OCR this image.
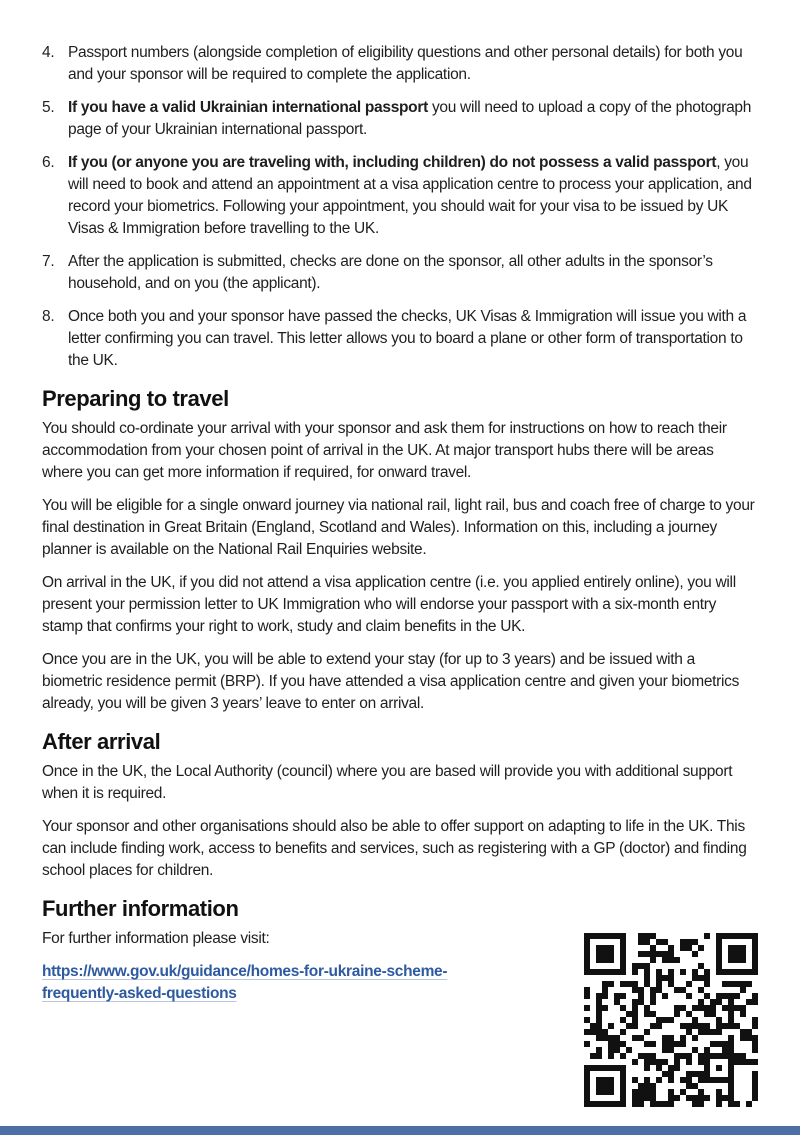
4. Passport numbers (alongside completion of eligibility questions and other personal details) for both you and your sponsor will be required to complete the application.
5. If you have a valid Ukrainian international passport you will need to upload a copy of the photograph page of your Ukrainian international passport.
6. If you (or anyone you are traveling with, including children) do not possess a valid passport, you will need to book and attend an appointment at a visa application centre to process your application, and record your biometrics. Following your appointment, you should wait for your visa to be issued by UK Visas & Immigration before travelling to the UK.
7. After the application is submitted, checks are done on the sponsor, all other adults in the sponsor’s household, and on you (the applicant).
8. Once both you and your sponsor have passed the checks, UK Visas & Immigration will issue you with a letter confirming you can travel. This letter allows you to board a plane or other form of transportation to the UK.
Preparing to travel

You should co-ordinate your arrival with your sponsor and ask them for instructions on how to reach their accommodation from your chosen point of arrival in the UK. At major transport hubs there will be areas where you can get more information if required, for onward travel.

You will be eligible for a single onward journey via national rail, light rail, bus and coach free of charge to your final destination in Great Britain (England, Scotland and Wales). Information on this, including a journey planner is available on the National Rail Enquiries website.

On arrival in the UK, if you did not attend a visa application centre (i.e. you applied entirely online), you will present your permission letter to UK Immigration who will endorse your passport with a six-month entry stamp that confirms your right to work, study and claim benefits in the UK.

Once you are in the UK, you will be able to extend your stay (for up to 3 years) and be issued with a biometric residence permit (BRP). If you have attended a visa application centre and given your biometrics already, you will be given 3 years’ leave to enter on arrival.

After arrival

Once in the UK, the Local Authority (council) where you are based will provide you with additional support when it is required.

Your sponsor and other organisations should also be able to offer support on adapting to life in the UK. This can include finding work, access to benefits and services, such as registering with a GP (doctor) and finding school places for children.

Further information

For further information please visit:

https://www.gov.uk/guidance/homes-for-ukraine-scheme-
frequently-asked-questions
